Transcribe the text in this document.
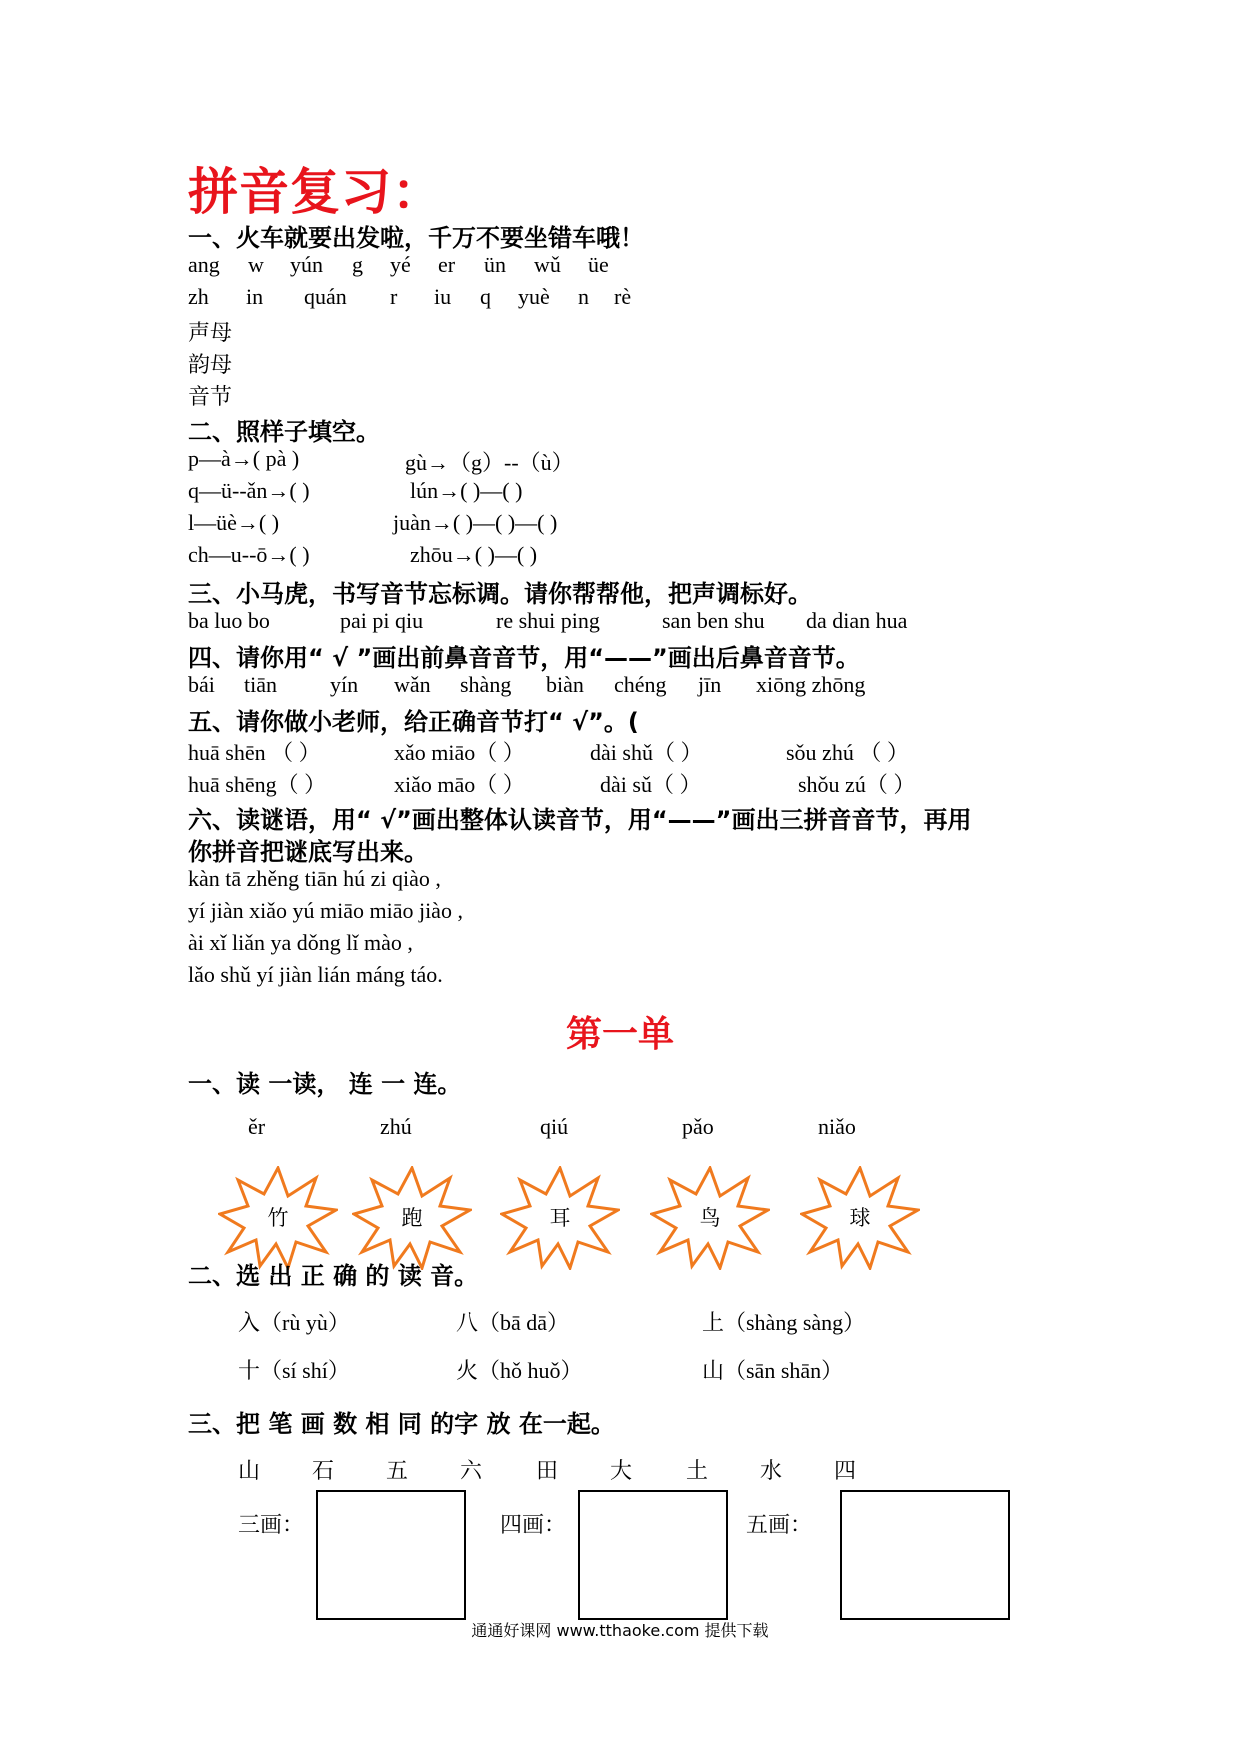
拼音复习：
一、火车就要出发啦，千万不要坐错车哦！
ang w yún g yé er ün wǔ üe
zh in quán r iu q yuè n rè
声母
韵母
音节
二、照样子填空。
p—à→( pà )	gù→（g）--（ù）
q—ü--ǎn→( )	lún→( )—( )
l—üè→( )	juàn→( )—( )—( )
ch—u--ō→( )	zhōu→( )—( )
三、小马虎，书写音节忘标调。请你帮帮他，把声调标好。
ba luo bo	pai pi qiu	re shui ping	san ben shu da dian hua
四、请你用“ √ ”画出前鼻音音节，用“——”画出后鼻音音节。
bái tiān yín wǎn shàng biàn chéng jīn xiōng zhōng
五、请你做小老师，给正确音节打“ √”。(
huā shēn （ ）	xǎo miāo（ ）	dài shǔ（ ）	sǒu zhú （ ）
huā shēng（ ）	xiǎo māo（ ）	dài sǔ（ ）	shǒu zú（ ）
六、读谜语，用“ √”画出整体认读音节，用“——”画出三拼音音节，再用
你拼音把谜底写出来。
kàn tā zhěng tiān hú zi qiào ,
yí jiàn xiǎo yú miāo miāo jiào ,
ài xǐ liǎn ya dǒng lǐ mào ,
lǎo shǔ yí jiàn lián máng táo.
第一单
一、读 一读， 连 一 连。
ěr	zhú	qiú	pǎo	niǎo
竹	跑	耳	鸟	球
二、选 出 正 确 的 读 音。
入（rù yù）	八（bā dā）	上（shàng sàng）
十（sí shí）	火（hǒ huǒ）	山（sān shān）
三、把 笔 画 数 相 同 的字 放 在一起。
山 石 五 六 田 大 土 水 四
三画：	四画：	五画：
通通好课网 www.tthaoke.com 提供下载
